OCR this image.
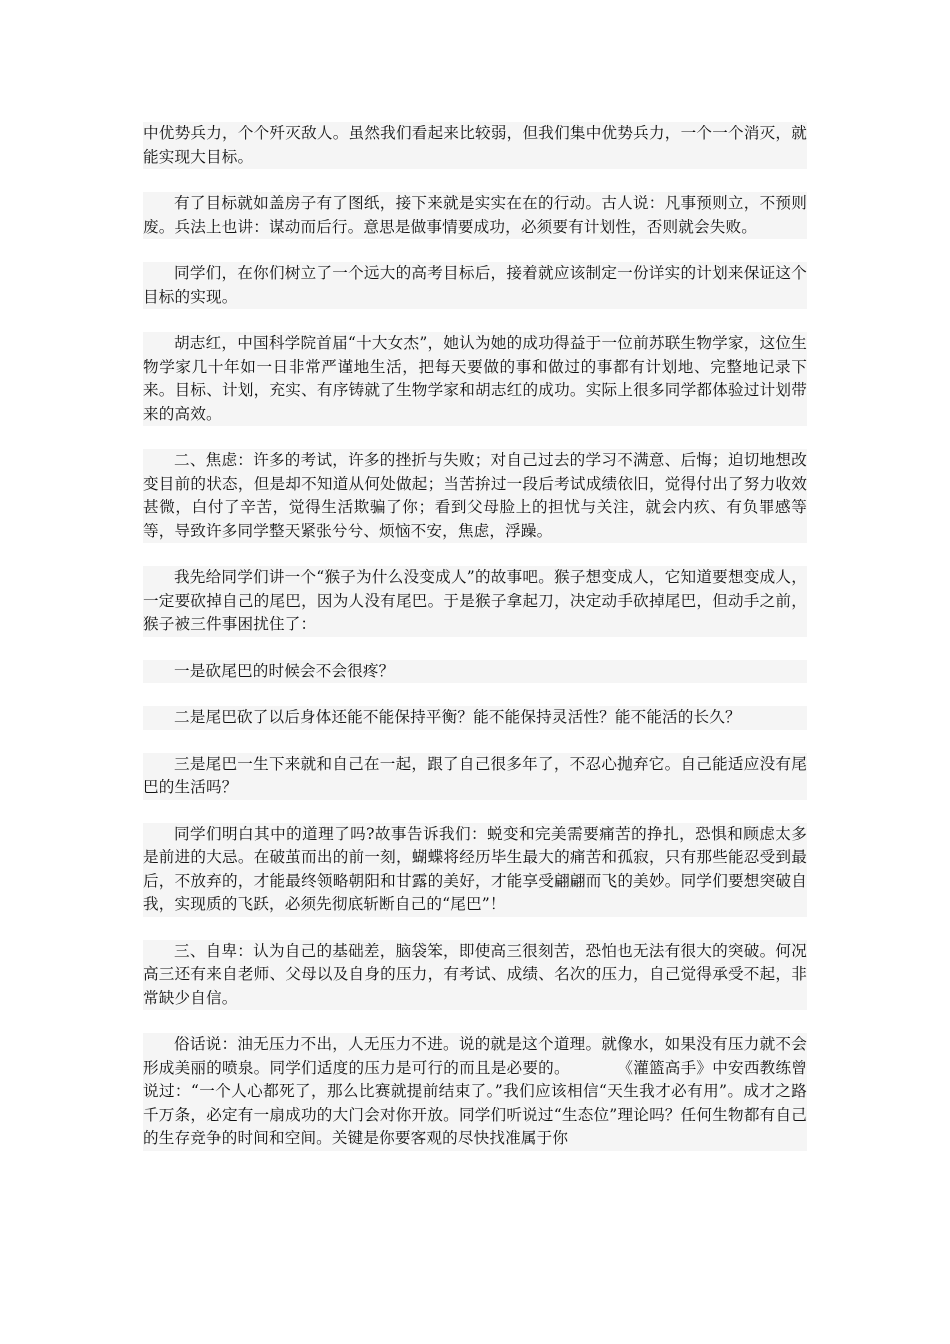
中优势兵力，个个歼灭敌人。虽然我们看起来比较弱，但我们集中优势兵力，一个一个消灭，就能实现大目标。

有了目标就如盖房子有了图纸，接下来就是实实在在的行动。古人说：凡事预则立，不预则废。兵法上也讲：谋动而后行。意思是做事情要成功，必须要有计划性，否则就会失败。

同学们，在你们树立了一个远大的高考目标后，接着就应该制定一份详实的计划来保证这个目标的实现。

胡志红，中国科学院首届“十大女杰”，她认为她的成功得益于一位前苏联生物学家，这位生物学家几十年如一日非常严谨地生活，把每天要做的事和做过的事都有计划地、完整地记录下来。目标、计划，充实、有序铸就了生物学家和胡志红的成功。实际上很多同学都体验过计划带来的高效。

二、焦虑：许多的考试，许多的挫折与失败；对自己过去的学习不满意、后悔；迫切地想改变目前的状态，但是却不知道从何处做起；当苦拚过一段后考试成绩依旧，觉得付出了努力收效甚微，白付了辛苦，觉得生活欺骗了你；看到父母脸上的担忧与关注，就会内疚、有负罪感等等，导致许多同学整天紧张兮兮、烦恼不安，焦虑，浮躁。

我先给同学们讲一个“猴子为什么没变成人”的故事吧。猴子想变成人，它知道要想变成人，一定要砍掉自己的尾巴，因为人没有尾巴。于是猴子拿起刀，决定动手砍掉尾巴，但动手之前，猴子被三件事困扰住了：

一是砍尾巴的时候会不会很疼？

二是尾巴砍了以后身体还能不能保持平衡？能不能保持灵活性？能不能活的长久？

三是尾巴一生下来就和自己在一起，跟了自己很多年了，不忍心抛弃它。自己能适应没有尾巴的生活吗？

同学们明白其中的道理了吗?故事告诉我们：蜕变和完美需要痛苦的挣扎，恐惧和顾虑太多是前进的大忌。在破茧而出的前一刻，蝴蝶将经历毕生最大的痛苦和孤寂，只有那些能忍受到最后，不放弃的，才能最终领略朝阳和甘露的美好，才能享受翩翩而飞的美妙。同学们要想突破自我，实现质的飞跃，必须先彻底斩断自己的“尾巴”！

三、自卑：认为自己的基础差，脑袋笨，即使高三很刻苦，恐怕也无法有很大的突破。何况高三还有来自老师、父母以及自身的压力，有考试、成绩、名次的压力，自己觉得承受不起，非常缺少自信。

俗话说：油无压力不出，人无压力不进。说的就是这个道理。就像水，如果没有压力就不会形成美丽的喷泉。同学们适度的压力是可行的而且是必要的。　　　　《灌篮高手》中安西教练曾说过：“一个人心都死了，那么比赛就提前结束了。”我们应该相信“天生我才必有用”。成才之路千万条，必定有一扇成功的大门会对你开放。同学们听说过“生态位”理论吗？任何生物都有自己的生存竞争的时间和空间。关键是你要客观的尽快找准属于你
